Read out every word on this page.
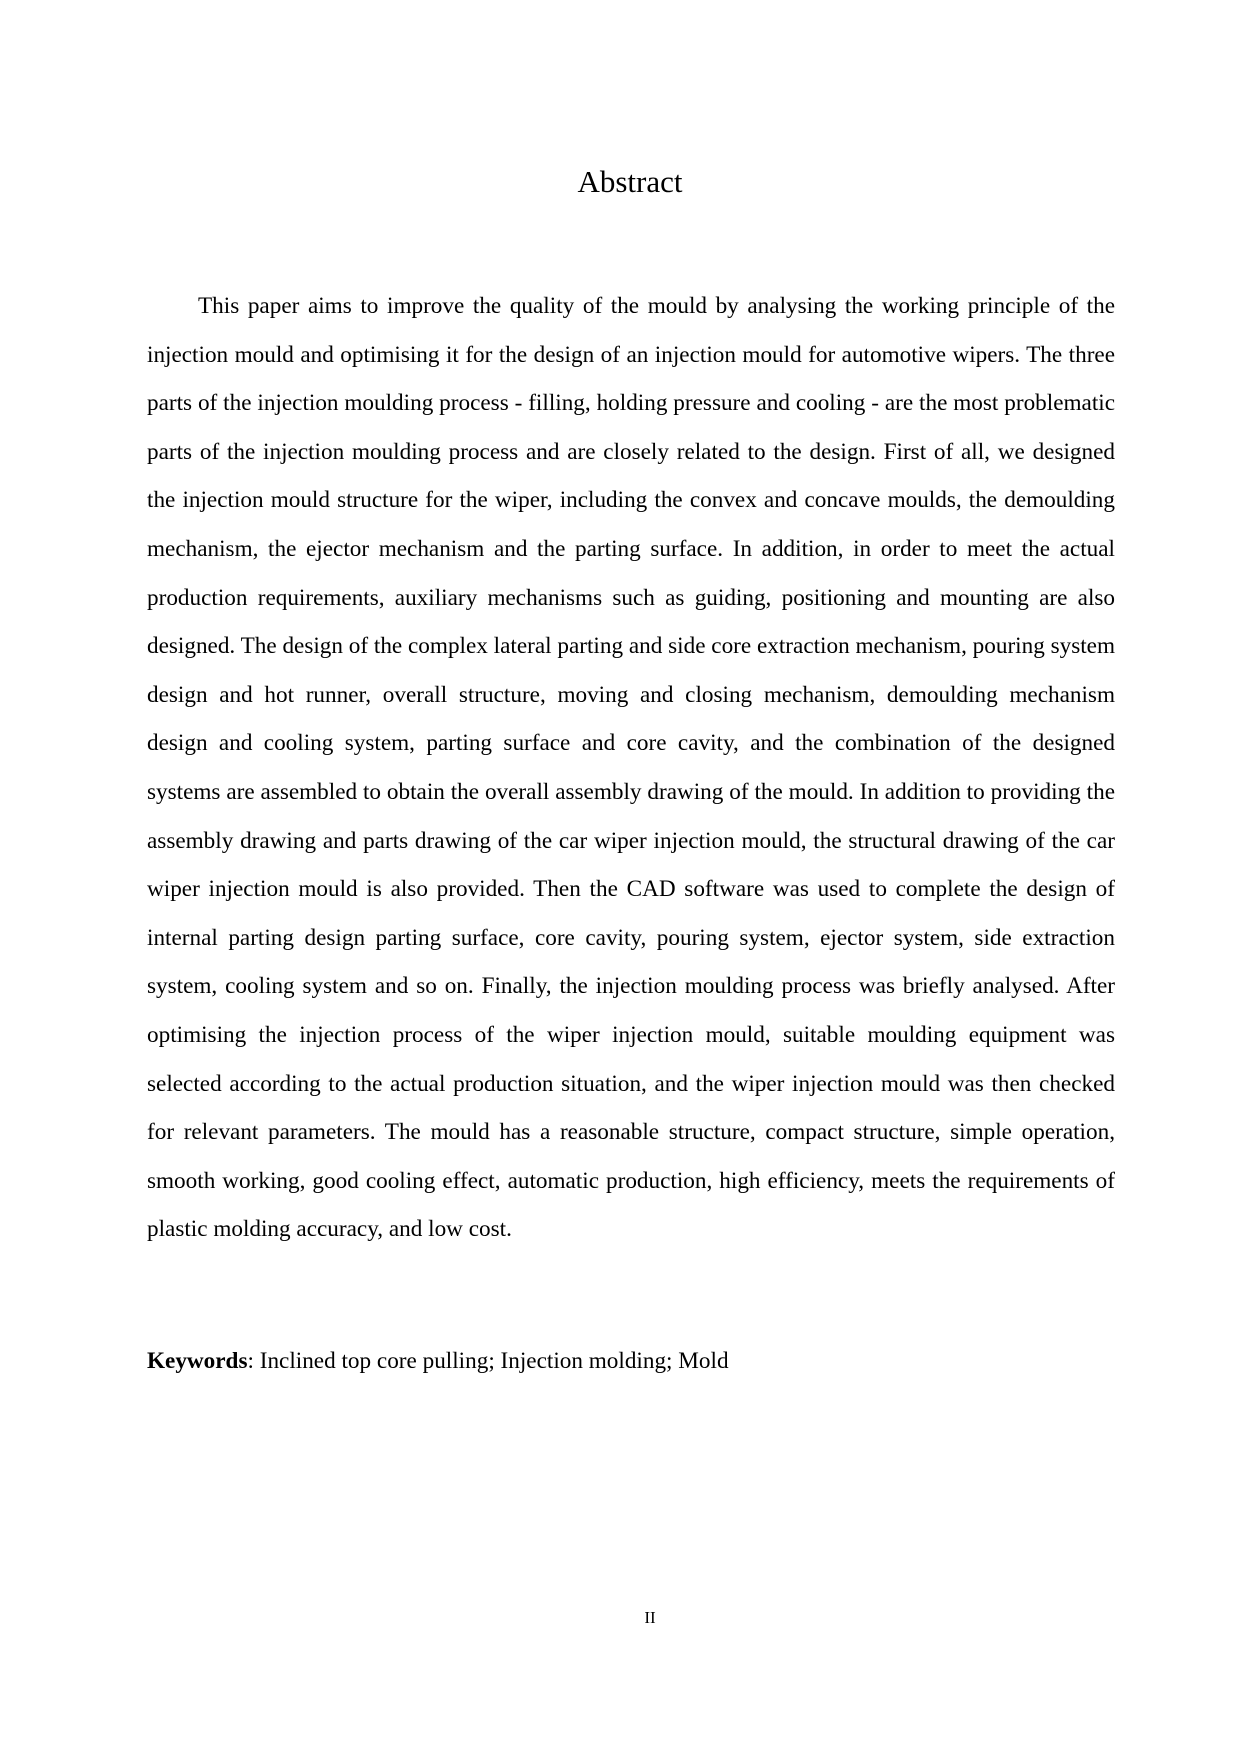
Abstract

This paper aims to improve the quality of the mould by analysing the working principle of the injection mould and optimising it for the design of an injection mould for automotive wipers. The three parts of the injection moulding process - filling, holding pressure and cooling - are the most problematic parts of the injection moulding process and are closely related to the design. First of all, we designed the injection mould structure for the wiper, including the convex and concave moulds, the demoulding mechanism, the ejector mechanism and the parting surface. In addition, in order to meet the actual production requirements, auxiliary mechanisms such as guiding, positioning and mounting are also designed. The design of the complex lateral parting and side core extraction mechanism, pouring system design and hot runner, overall structure, moving and closing mechanism, demoulding mechanism design and cooling system, parting surface and core cavity, and the combination of the designed systems are assembled to obtain the overall assembly drawing of the mould. In addition to providing the assembly drawing and parts drawing of the car wiper injection mould, the structural drawing of the car wiper injection mould is also provided. Then the CAD software was used to complete the design of internal parting design parting surface, core cavity, pouring system, ejector system, side extraction system, cooling system and so on. Finally, the injection moulding process was briefly analysed. After optimising the injection process of the wiper injection mould, suitable moulding equipment was selected according to the actual production situation, and the wiper injection mould was then checked for relevant parameters. The mould has a reasonable structure, compact structure, simple operation, smooth working, good cooling effect, automatic production, high efficiency, meets the requirements of plastic molding accuracy, and low cost.

Keywords: Inclined top core pulling; Injection molding; Mold

II
